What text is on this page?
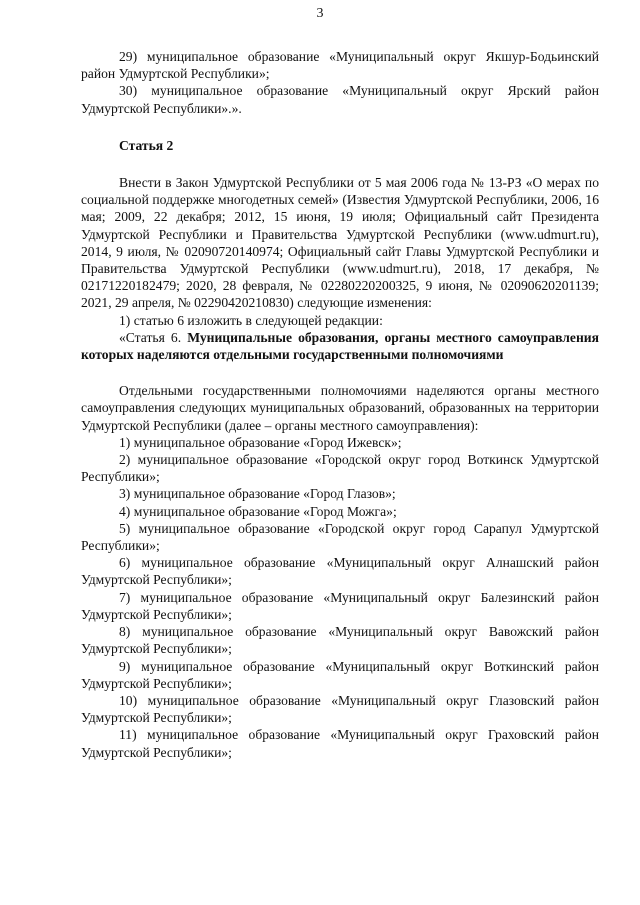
3

29) муниципальное образование «Муниципальный округ Якшур-Бодьинский район Удмуртской Республики»;

30) муниципальное образование «Муниципальный округ Ярский район Удмуртской Республики».».

Статья 2

Внести в Закон Удмуртской Республики от 5 мая 2006 года № 13-РЗ «О мерах по социальной поддержке многодетных семей» (Известия Удмуртской Республики, 2006, 16 мая; 2009, 22 декабря; 2012, 15 июня, 19 июля; Официальный сайт Президента Удмуртской Республики и Правительства Удмуртской Республики (www.udmurt.ru), 2014, 9 июля, № 02090720140974; Официальный сайт Главы Удмуртской Республики и Правительства Удмуртской Республики (www.udmurt.ru), 2018, 17 декабря, № 02171220182479; 2020, 28 февраля, № 02280220200325, 9 июня, № 02090620201139; 2021, 29 апреля, № 02290420210830) следующие изменения:

1) статью 6 изложить в следующей редакции:

«Статья 6. Муниципальные образования, органы местного самоуправления которых наделяются отдельными государственными полномочиями

Отдельными государственными полномочиями наделяются органы местного самоуправления следующих муниципальных образований, образованных на территории Удмуртской Республики (далее – органы местного самоуправления):

1) муниципальное образование «Город Ижевск»;

2) муниципальное образование «Городской округ город Воткинск Удмуртской Республики»;

3) муниципальное образование «Город Глазов»;

4) муниципальное образование «Город Можга»;

5) муниципальное образование «Городской округ город Сарапул Удмуртской Республики»;

6) муниципальное образование «Муниципальный округ Алнашский район Удмуртской Республики»;

7) муниципальное образование «Муниципальный округ Балезинский район Удмуртской Республики»;

8) муниципальное образование «Муниципальный округ Вавожский район Удмуртской Республики»;

9) муниципальное образование «Муниципальный округ Воткинский район Удмуртской Республики»;

10) муниципальное образование «Муниципальный округ Глазовский район Удмуртской Республики»;

11) муниципальное образование «Муниципальный округ Граховский район Удмуртской Республики»;
